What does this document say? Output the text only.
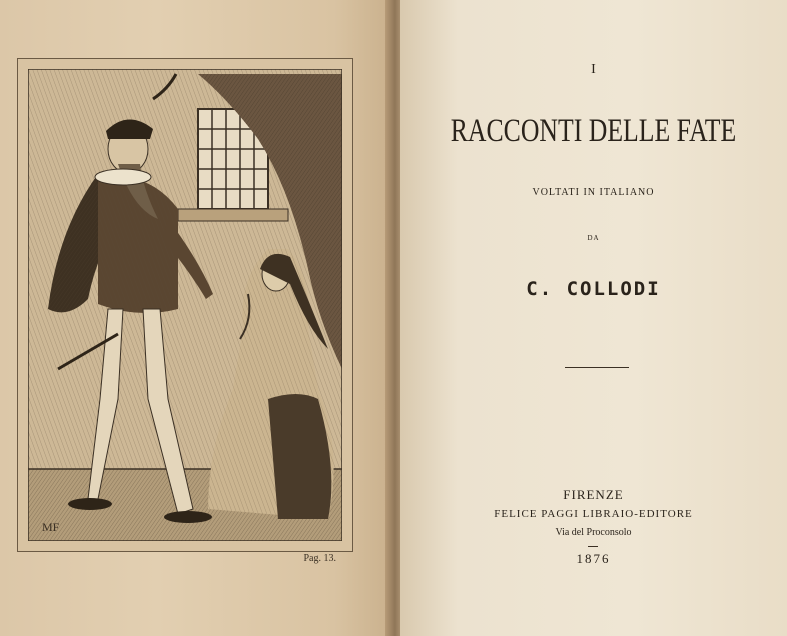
MF
Pag. 13.
I
RACCONTI DELLE FATE
VOLTATI IN ITALIANO
DA
C. COLLODI
FIRENZE
FELICE PAGGI LIBRAIO-EDITORE
Via del Proconsolo
1876
